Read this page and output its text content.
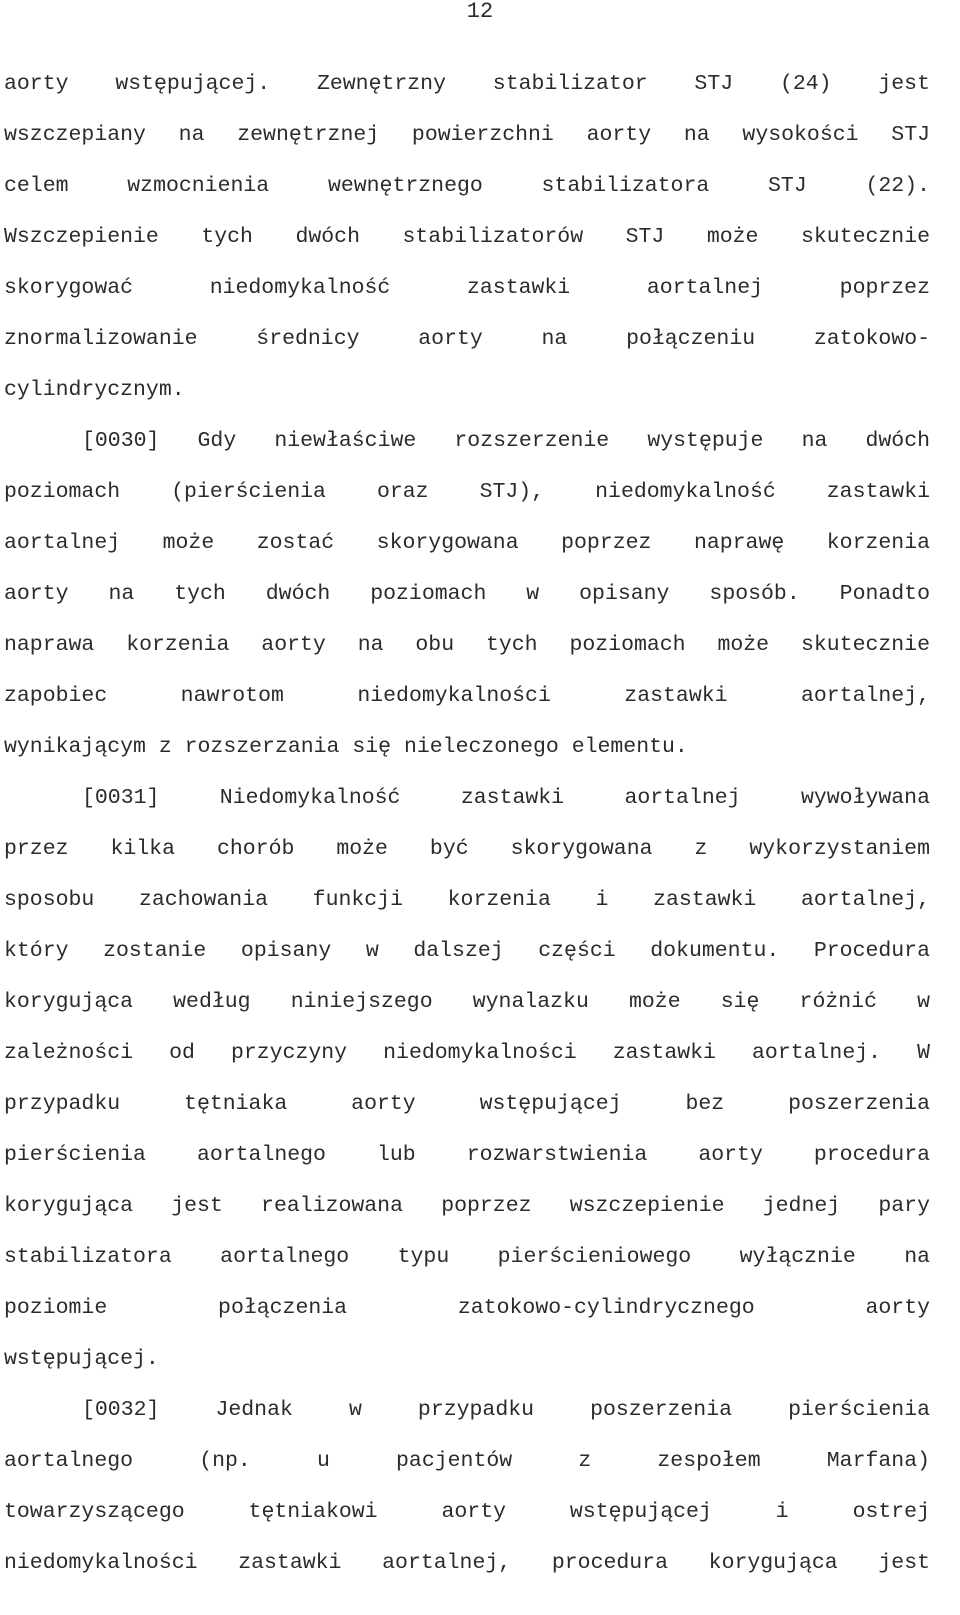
12
aorty wstępującej. Zewnętrzny stabilizator STJ (24) jest
wszczepiany na zewnętrznej powierzchni aorty na wysokości STJ
celem wzmocnienia wewnętrznego stabilizatora STJ (22).
Wszczepienie tych dwóch stabilizatorów STJ może skutecznie
skorygować niedomykalność zastawki aortalnej poprzez
znormalizowanie średnicy aorty na połączeniu zatokowo-
cylindrycznym.
[0030] Gdy niewłaściwe rozszerzenie występuje na dwóch
poziomach (pierścienia oraz STJ), niedomykalność zastawki
aortalnej może zostać skorygowana poprzez naprawę korzenia
aorty na tych dwóch poziomach w opisany sposób. Ponadto
naprawa korzenia aorty na obu tych poziomach może skutecznie
zapobiec nawrotom niedomykalności zastawki aortalnej,
wynikającym z rozszerzania się nieleczonego elementu.
[0031] Niedomykalność zastawki aortalnej wywoływana
przez kilka chorób może być skorygowana z wykorzystaniem
sposobu zachowania funkcji korzenia i zastawki aortalnej,
który zostanie opisany w dalszej części dokumentu. Procedura
korygująca według niniejszego wynalazku może się różnić w
zależności od przyczyny niedomykalności zastawki aortalnej. W
przypadku tętniaka aorty wstępującej bez poszerzenia
pierścienia aortalnego lub rozwarstwienia aorty procedura
korygująca jest realizowana poprzez wszczepienie jednej pary
stabilizatora aortalnego typu pierścieniowego wyłącznie na
poziomie połączenia zatokowo-cylindrycznego aorty
wstępującej.
[0032] Jednak w przypadku poszerzenia pierścienia
aortalnego (np. u pacjentów z zespołem Marfana)
towarzyszącego tętniakowi aorty wstępującej i ostrej
niedomykalności zastawki aortalnej, procedura korygująca jest
